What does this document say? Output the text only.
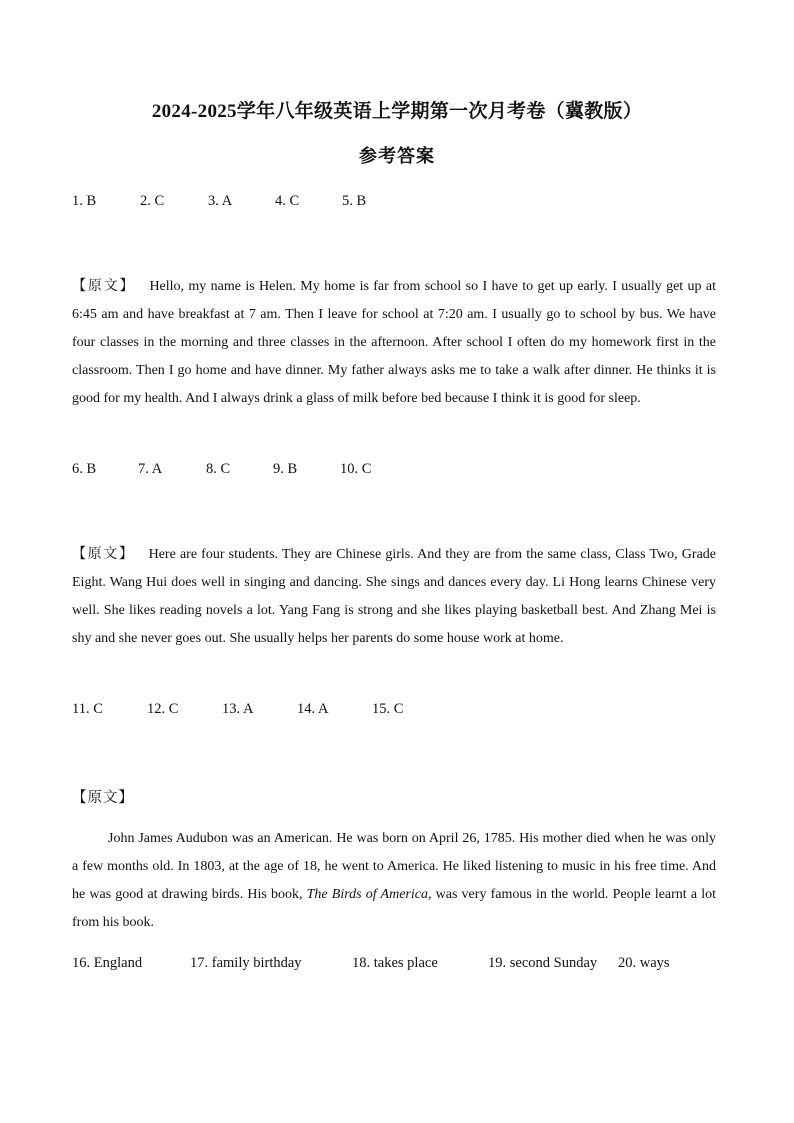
2024-2025学年八年级英语上学期第一次月考卷（冀教版）
参考答案
1. B	2. C	3. A	4. C	5. B
【原文】 Hello, my name is Helen. My home is far from school so I have to get up early. I usually get up at 6:45 am and have breakfast at 7 am. Then I leave for school at 7:20 am. I usually go to school by bus. We have four classes in the morning and three classes in the afternoon. After school I often do my homework first in the classroom. Then I go home and have dinner. My father always asks me to take a walk after dinner. He thinks it is good for my health. And I always drink a glass of milk before bed because I think it is good for sleep.
6. B	7. A	8. C	9. B	10. C
【原文】 Here are four students. They are Chinese girls. And they are from the same class, Class Two, Grade Eight. Wang Hui does well in singing and dancing. She sings and dances every day. Li Hong learns Chinese very well. She likes reading novels a lot. Yang Fang is strong and she likes playing basketball best. And Zhang Mei is shy and she never goes out. She usually helps her parents do some house work at home.
11. C	12. C	13. A	14. A	15. C
【原文】
John James Audubon was an American. He was born on April 26, 1785. His mother died when he was only a few months old. In 1803, at the age of 18, he went to America. He liked listening to music in his free time. And he was good at drawing birds. His book, The Birds of America, was very famous in the world. People learnt a lot from his book.
16. England	17. family birthday	18. takes place	19. second Sunday 20. ways
